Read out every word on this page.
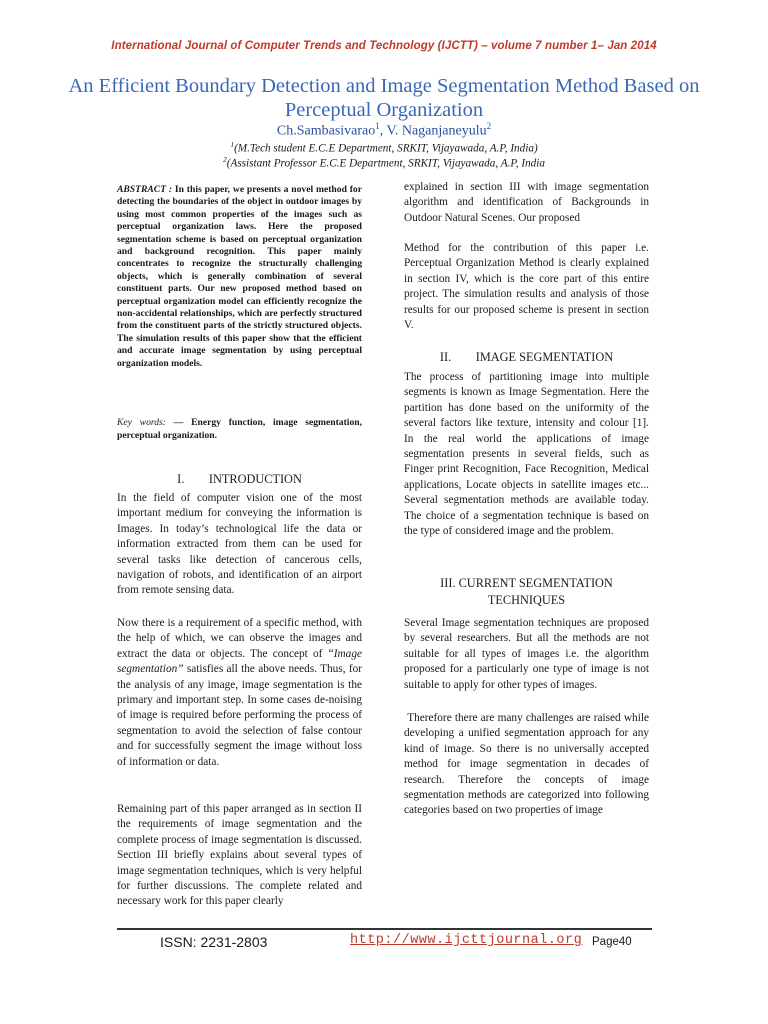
International Journal of Computer Trends and Technology (IJCTT) – volume 7 number 1– Jan 2014
An Efficient Boundary Detection and Image Segmentation Method Based on Perceptual Organization
Ch.Sambasivarao$^1$, V. Naganjaneyulu$^2$
$^1$(M.Tech student E.C.E Department, SRKIT, Vijayawada, A.P, India)
$^2$(Assistant Professor E.C.E Department, SRKIT, Vijayawada, A.P, India
ABSTRACT : In this paper, we presents a novel method for detecting the boundaries of the object in outdoor images by using most common properties of the images such as perceptual organization laws. Here the proposed segmentation scheme is based on perceptual organization and background recognition. This paper mainly concentrates to recognize the structurally challenging objects, which is generally combination of several constituent parts. Our new proposed method based on perceptual organization model can efficiently recognize the non-accidental relationships, which are perfectly structured from the constituent parts of the strictly structured objects. The simulation results of this paper show that the efficient and accurate image segmentation by using perceptual organization models.
Key words: — Energy function, image segmentation, perceptual organization.
I.        INTRODUCTION
In the field of computer vision one of the most important medium for conveying the information is Images. In today’s technological life the data or information extracted from them can be used for several tasks like detection of cancerous cells, navigation of robots, and identification of an airport from remote sensing data.
Now there is a requirement of a specific method, with the help of which, we can observe the images and extract the data or objects. The concept of “Image segmentation” satisfies all the above needs. Thus, for the analysis of any image, image segmentation is the primary and important step. In some cases de-noising of image is required before performing the process of segmentation to avoid the selection of false contour and for successfully segment the image without loss of information or data.
Remaining part of this paper arranged as in section II the requirements of image segmentation and the complete process of image segmentation is discussed. Section III briefly explains about several types of image segmentation techniques, which is very helpful for further discussions. The complete related and necessary work for this paper clearly
explained in section III with image segmentation algorithm and identification of Backgrounds in Outdoor Natural Scenes. Our proposed
Method for the contribution of this paper i.e. Perceptual Organization Method is clearly explained in section IV, which is the core part of this entire project. The simulation results and analysis of those results for our proposed scheme is present in section V.
II.        IMAGE SEGMENTATION
The process of partitioning image into multiple segments is known as Image Segmentation. Here the partition has done based on the uniformity of the several factors like texture, intensity and colour [1]. In the real world the applications of image segmentation presents in several fields, such as Finger print Recognition, Face Recognition, Medical applications, Locate objects in satellite images etc... Several segmentation methods are available today. The choice of a segmentation technique is based on the type of considered image and the problem.
III. CURRENT SEGMENTATION
TECHNIQUES
Several Image segmentation techniques are proposed by several researchers. But all the methods are not suitable for all types of images i.e. the algorithm proposed for a particularly one type of image is not suitable to apply for other types of images.
Therefore there are many challenges are raised while developing a unified segmentation approach for any kind of image. So there is no universally accepted method for image segmentation in decades of research. Therefore the concepts of image segmentation methods are categorized into following categories based on two properties of image
ISSN: 2231-2803	http://www.ijcttjournal.org Page40
